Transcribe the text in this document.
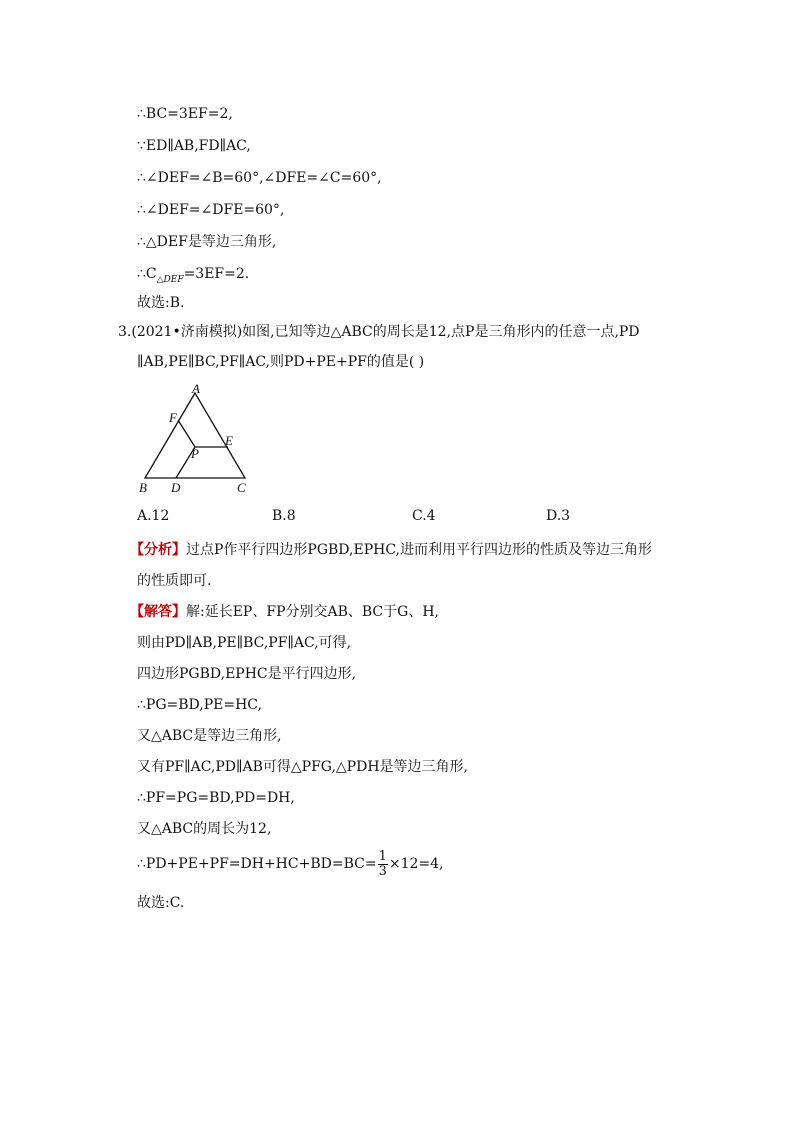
∴BC=3EF=2,
∵ED∥AB,FD∥AC,
∴∠DEF=∠B=60°,∠DFE=∠C=60°,
∴∠DEF=∠DFE=60°,
∴△DEF是等边三角形,
$\therefore C_{\triangle DEF}=3EF=2$.
故选:B.
3.(2021•济南模拟)如图,已知等边△ABC的周长是12,点P是三角形内的任意一点,PD
∥AB,PE∥BC,PF∥AC,则PD+PE+PF的值是( )
A
F
E
P
B D	C
A.12	B.8	C.4	D.3
【分析】过点P作平行四边形PGBD,EPHC,进而利用平行四边形的性质及等边三角形
的性质即可.
【解答】解:延长EP、FP分别交AB、BC于G、H,
则由PD∥AB,PE∥BC,PF∥AC,可得,
四边形PGBD,EPHC是平行四边形,
∴PG=BD,PE=HC,
又△ABC是等边三角形,
又有PF∥AC,PD∥AB可得△PFG,△PDH是等边三角形,
∴PF=PG=BD,PD=DH,
又△ABC的周长为12,
∴PD+PE+PF=DH+HC+BD=BC= $\frac{1}{3} \times 12=4$,
故选:C.
